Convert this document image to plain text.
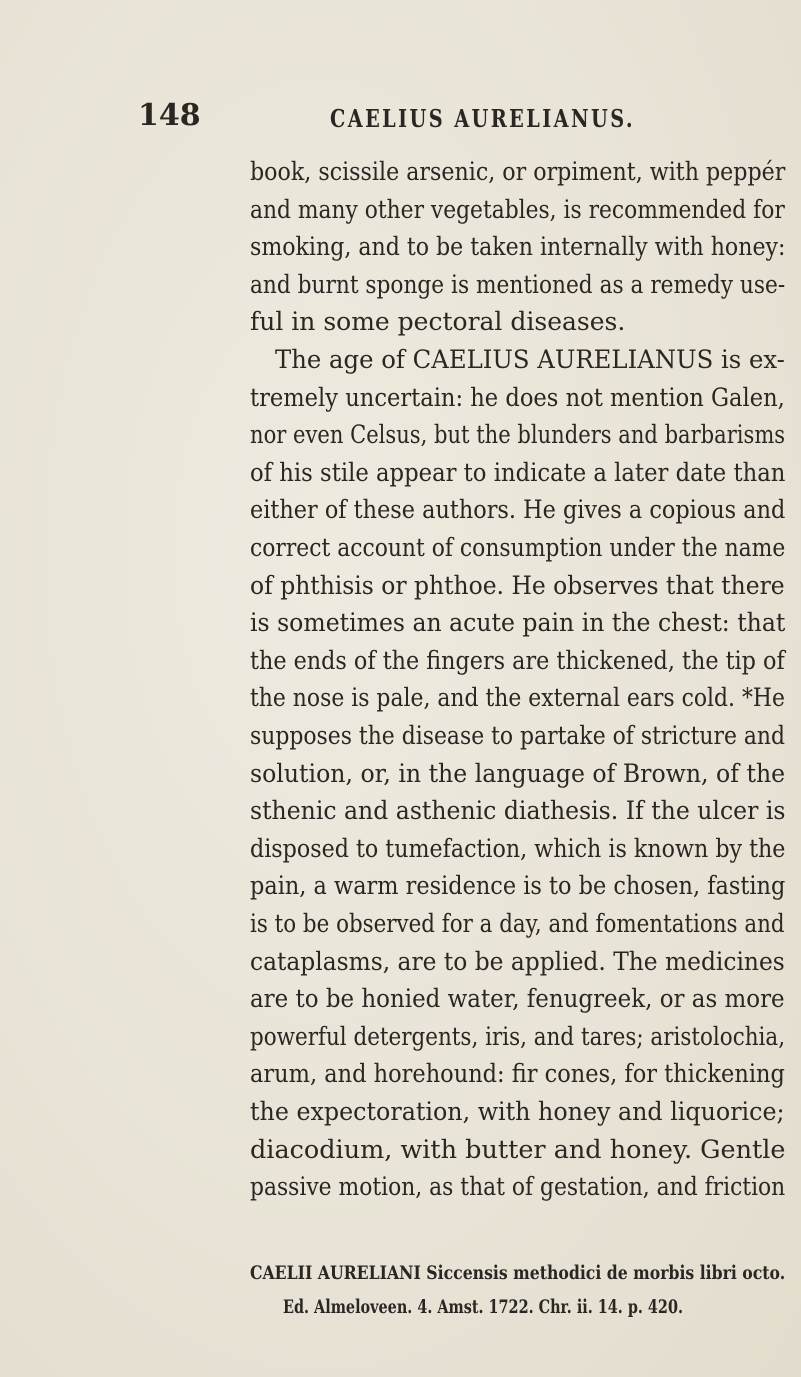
148	CAELIUS AURELIANUS.
book, scissile arsenic, or orpiment, with peppér
and many other vegetables, is recommended for
smoking, and to be taken internally with honey:
and burnt sponge is mentioned as a remedy use-
ful in some pectoral diseases.
The age of CAELIUS AURELIANUS is ex-
tremely uncertain: he does not mention Galen,
nor even Celsus, but the blunders and barbarisms
of his stile appear to indicate a later date than
either of these authors. He gives a copious and
correct account of consumption under the name
of phthisis or phthoe. He observes that there
is sometimes an acute pain in the chest: that
the ends of the fingers are thickened, the tip of
the nose is pale, and the external ears cold. *He
supposes the disease to partake of stricture and
solution, or, in the language of Brown, of the
sthenic and asthenic diathesis. If the ulcer is
disposed to tumefaction, which is known by the
pain, a warm residence is to be chosen, fasting
is to be observed for a day, and fomentations and
cataplasms, are to be applied. The medicines
are to be honied water, fenugreek, or as more
powerful detergents, iris, and tares; aristolochia,
arum, and horehound: fir cones, for thickening
the expectoration, with honey and liquorice;
diacodium, with butter and honey. Gentle
passive motion, as that of gestation, and friction
CAELII AURELIANI Siccensis methodici de morbis libri octo.
Ed. Almeloveen. 4. Amst. 1722. Chr. ii. 14. p. 420.
